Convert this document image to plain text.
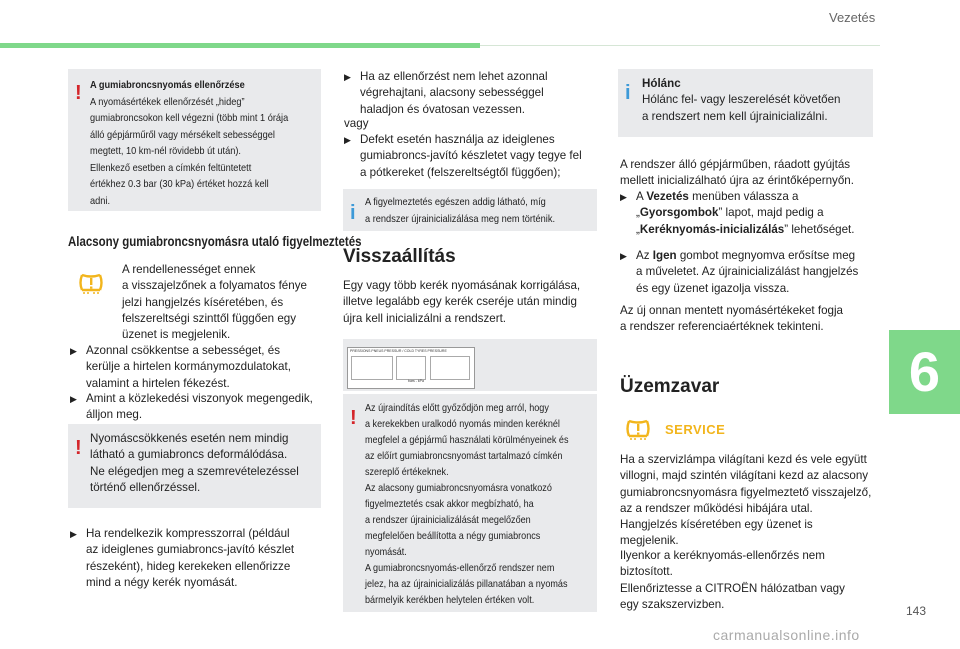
Vezetés
6
143
carmanualsonline.info
! A gumiabroncsnyomás ellenőrzése
A nyomásértékek ellenőrzését „hideg”
gumiabroncsokon kell végezni (több mint 1 órája
álló gépjárműről vagy mérsékelt sebességgel
megtett, 10 km-nél rövidebb út után).
Ellenkező esetben a címkén feltüntetett
értékhez 0.3 bar (30 kPa) értéket hozzá kell
adni.
Alacsony gumiabroncsnyomásra utaló figyelmeztetés
A rendellenességet ennek
a visszajelzőnek a folyamatos fénye
jelzi hangjelzés kíséretében, és
felszereltségi szinttől függően egy
üzenet is megjelenik.
▶ Azonnal csökkentse a sebességet, és
kerülje a hirtelen kormánymozdulatokat,
valamint a hirtelen fékezést.
▶ Amint a közlekedési viszonyok megengedik,
álljon meg.
! Nyomáscsökkenés esetén nem mindig
látható a gumiabroncs deformálódása.
Ne elégedjen meg a szemrevételezéssel
történő ellenőrzéssel.
▶ Ha rendelkezik kompresszorral (például
az ideiglenes gumiabroncs-javító készlet
részeként), hideg kerekeken ellenőrizze
mind a négy kerék nyomását.
▶ Ha az ellenőrzést nem lehet azonnal
végrehajtani, alacsony sebességgel
haladjon és óvatosan vezessen.
vagy
▶ Defekt esetén használja az ideiglenes
gumiabroncs-javító készletet vagy tegye fel
a pótkereket (felszereltségtől függően);
i A figyelmeztetés egészen addig látható, míg
a rendszer újrainicializálása meg nem történik.
Visszaállítás
Egy vagy több kerék nyomásának korrigálása,
illetve legalább egy kerék cseréje után mindig
újra kell inicializálni a rendszert.
PRESSIONS PNEUS PRESSUR / COLD TYRES PRESSURE
bars - kPa
! Az újraindítás előtt győződjön meg arról, hogy
a kerekekben uralkodó nyomás minden keréknél
megfelel a gépjármű használati körülményeinek és
az előírt gumiabroncsnyomást tartalmazó címkén
szereplő értékeknek.
Az alacsony gumiabroncsnyomásra vonatkozó
figyelmeztetés csak akkor megbízható, ha
a rendszer újrainicializálását megelőzően
megfelelően beállította a négy gumiabroncs
nyomását.
A gumiabroncsnyomás-ellenőrző rendszer nem
jelez, ha az újrainicializálás pillanatában a nyomás
bármelyik kerékben helytelen értéken volt.
i Hólánc
Hólánc fel- vagy leszerelését követően
a rendszert nem kell újrainicializálni.
A rendszer álló gépjárműben, ráadott gyújtás
mellett inicializálható újra az érintőképernyőn.
▶ A Vezetés menüben válassza a
„Gyorsgombok” lapot, majd pedig a
„Keréknyomás-inicializálás” lehetőséget.
▶ Az Igen gombot megnyomva erősítse meg
a műveletet. Az újrainicializálást hangjelzés
és egy üzenet igazolja vissza.
Az új onnan mentett nyomásértékeket fogja
a rendszer referenciaértéknek tekinteni.
Üzemzavar
SERVICE
Ha a szervizlámpa világítani kezd és vele együtt
villogni, majd szintén világítani kezd az alacsony
gumiabroncsnyomásra figyelmeztető visszajelző,
az a rendszer működési hibájára utal.
Hangjelzés kíséretében egy üzenet is
megjelenik.
Ilyenkor a keréknyomás-ellenőrzés nem
biztosított.
Ellenőriztesse a CITROËN hálózatban vagy
egy szakszervizben.
